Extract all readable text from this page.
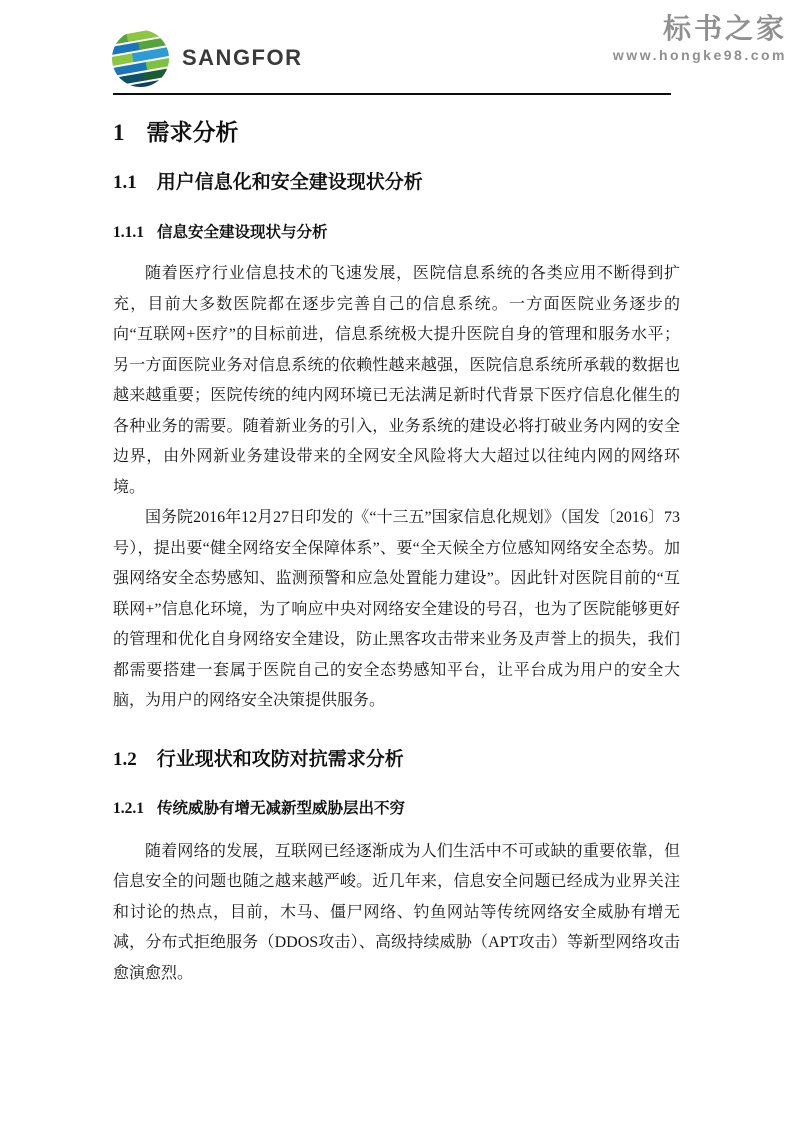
SANGFOR
标书之家
www.hongke98.com
1 需求分析
1.1 用户信息化和安全建设现状分析
1.1.1 信息安全建设现状与分析

随着医疗行业信息技术的飞速发展，医院信息系统的各类应用不断得到扩充，目前大多数医院都在逐步完善自己的信息系统。一方面医院业务逐步的向“互联网+医疗”的目标前进，信息系统极大提升医院自身的管理和服务水平；另一方面医院业务对信息系统的依赖性越来越强，医院信息系统所承载的数据也越来越重要；医院传统的纯内网环境已无法满足新时代背景下医疗信息化催生的各种业务的需要。随着新业务的引入，业务系统的建设必将打破业务内网的安全边界，由外网新业务建设带来的全网安全风险将大大超过以往纯内网的网络环境。

国务院2016年12月27日印发的《“十三五”国家信息化规划》（国发〔2016〕73号），提出要“健全网络安全保障体系”、要“全天候全方位感知网络安全态势。加强网络安全态势感知、监测预警和应急处置能力建设”。因此针对医院目前的“互联网+”信息化环境，为了响应中央对网络安全建设的号召，也为了医院能够更好的管理和优化自身网络安全建设，防止黑客攻击带来业务及声誉上的损失，我们都需要搭建一套属于医院自己的安全态势感知平台，让平台成为用户的安全大脑，为用户的网络安全决策提供服务。

1.2 行业现状和攻防对抗需求分析
1.2.1 传统威胁有增无减新型威胁层出不穷

随着网络的发展，互联网已经逐渐成为人们生活中不可或缺的重要依靠，但信息安全的问题也随之越来越严峻。近几年来，信息安全问题已经成为业界关注和讨论的热点，目前，木马、僵尸网络、钓鱼网站等传统网络安全威胁有增无减，分布式拒绝服务（DDOS攻击）、高级持续威胁（APT攻击）等新型网络攻击愈演愈烈。
